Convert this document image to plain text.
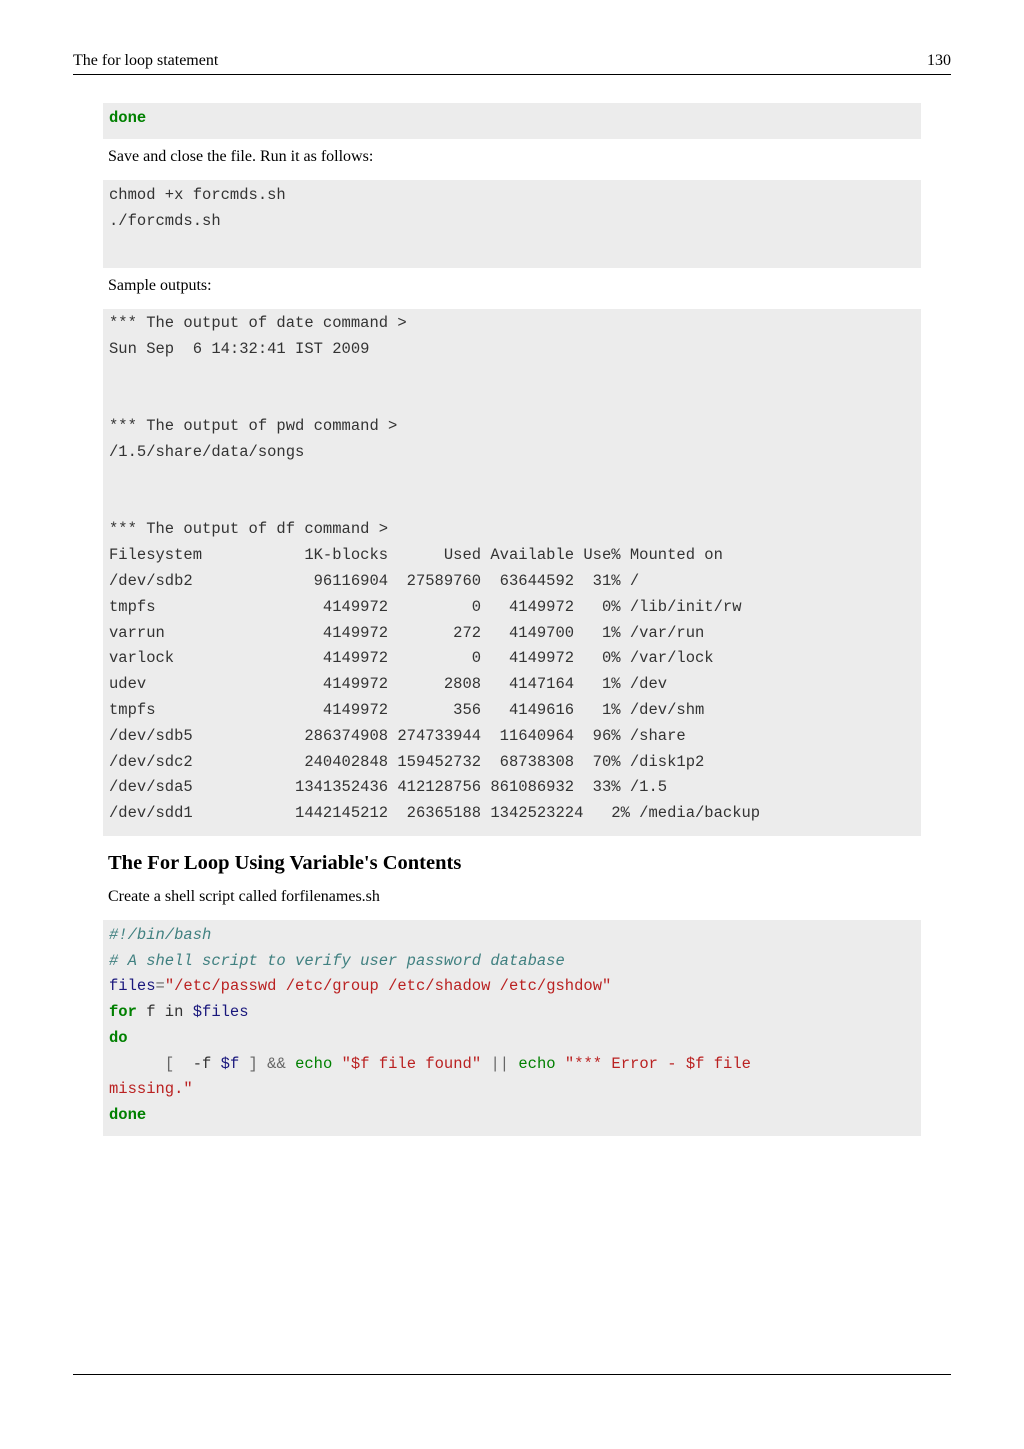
The for loop statement	130
done
Save and close the file. Run it as follows:
chmod +x forcmds.sh
./forcmds.sh
Sample outputs:
*** The output of date command >
Sun Sep  6 14:32:41 IST 2009
*** The output of pwd command >
/1.5/share/data/songs
*** The output of df command >
Filesystem           1K-blocks      Used Available Use% Mounted on
/dev/sdb2             96116904  27589760  63644592  31% /
tmpfs                  4149972         0   4149972   0% /lib/init/rw
varrun                 4149972       272   4149700   1% /var/run
varlock                4149972         0   4149972   0% /var/lock
udev                   4149972      2808   4147164   1% /dev
tmpfs                  4149972       356   4149616   1% /dev/shm
/dev/sdb5            286374908 274733944  11640964  96% /share
/dev/sdc2            240402848 159452732  68738308  70% /disk1p2
/dev/sda5           1341352436 412128756 861086932  33% /1.5
/dev/sdd1           1442145212  26365188 1342523224   2% /media/backup
The For Loop Using Variable's Contents
Create a shell script called forfilenames.sh
#!/bin/bash
# A shell script to verify user password database
files="/etc/passwd /etc/group /etc/shadow /etc/gshdow"
for f in $files
do
[  -f $f ] && echo "$f file found" || echo "*** Error - $f file
missing."
done
